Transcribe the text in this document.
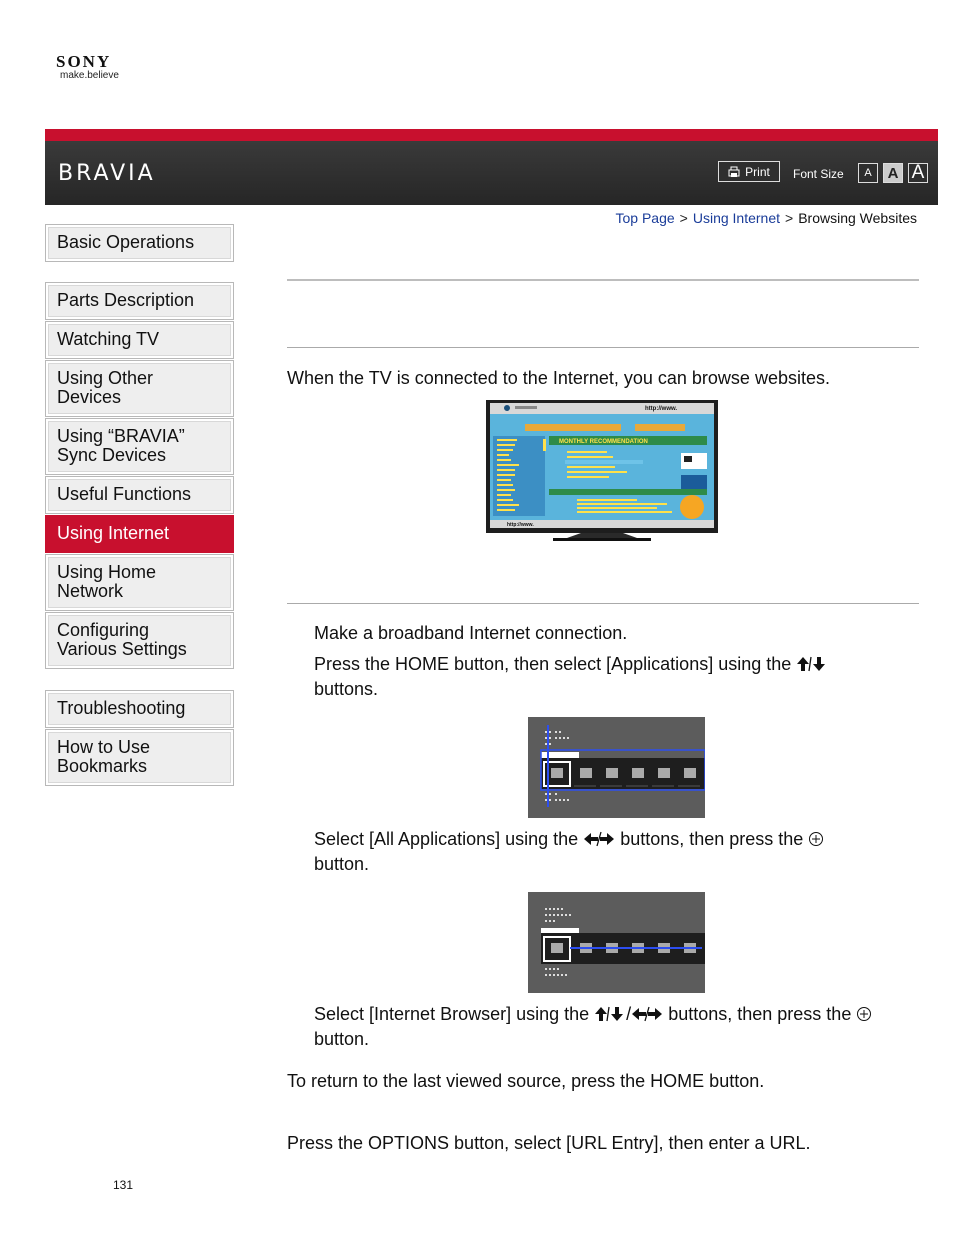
SONY
make.believe
BRAVIA	Print Font Size	A	A A
Top Page > Using Internet > Browsing Websites
Basic Operations
Parts Description
Watching TV
Using Other
Devices
Using “BRAVIA”
Sync Devices
Useful Functions
Using Internet
Using Home
Network
Configuring
Various Settings
Troubleshooting
How to Use
Bookmarks
When the TV is connected to the Internet, you can browse websites.
http://www.
MONTHLY RECOMMENDATION
http://www.
Make a broadband Internet connection.
Press the HOME button, then select [Applications] using the
buttons.
Select [All Applications] using the buttons, then press the
button.
Select [Internet Browser] using the / buttons, then press the
button.
To return to the last viewed source, press the HOME button.
Press the OPTIONS button, select [URL Entry], then enter a URL.
131
